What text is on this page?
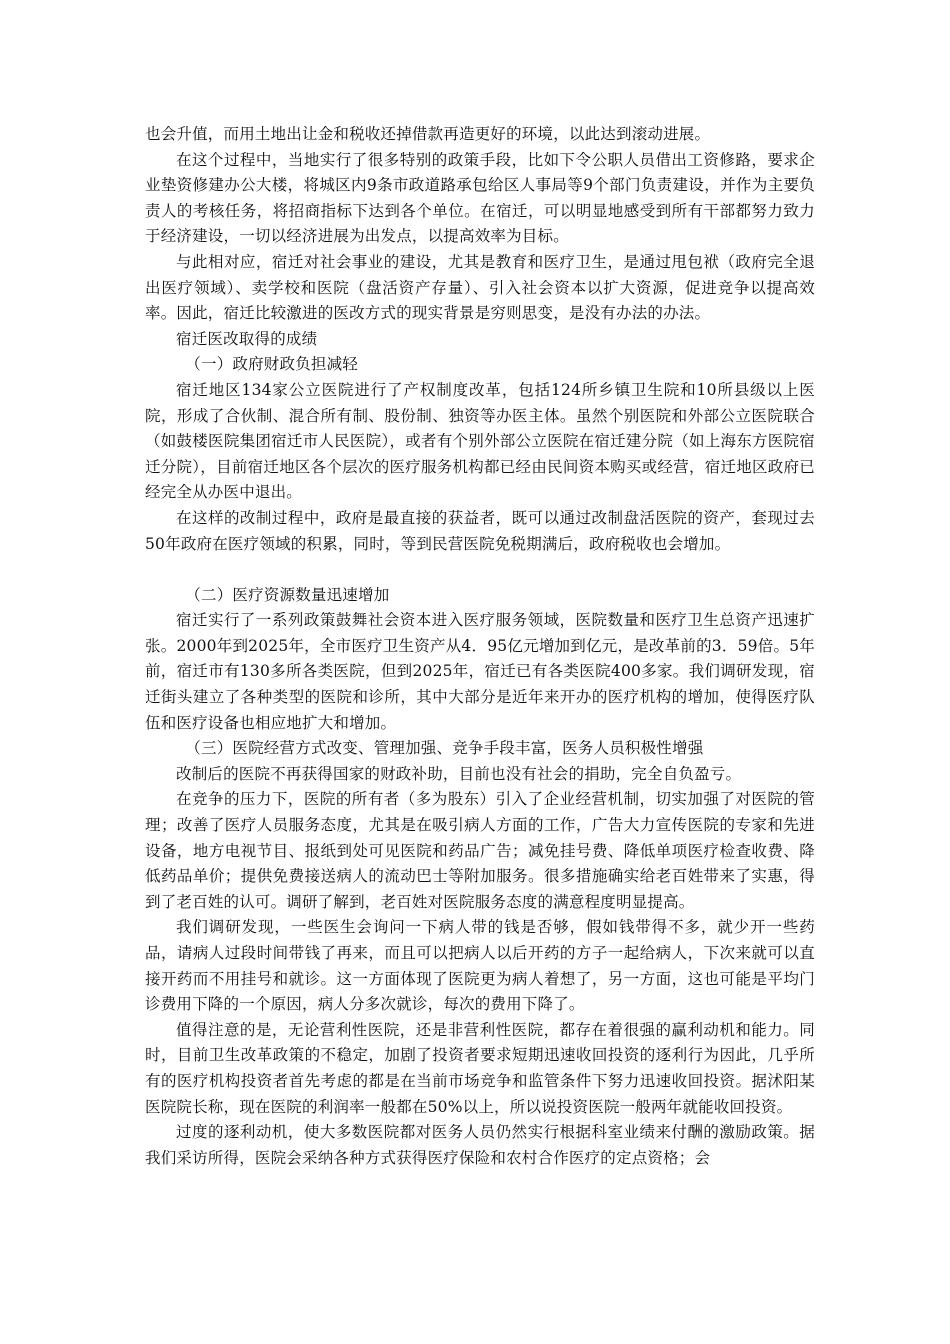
也会升值，而用土地出让金和税收还掉借款再造更好的环境，以此达到滚动进展。

在这个过程中，当地实行了很多特别的政策手段，比如下令公职人员借出工资修路，要求企业垫资修建办公大楼，将城区内9条市政道路承包给区人事局等9个部门负责建设，并作为主要负责人的考核任务，将招商指标下达到各个单位。在宿迁，可以明显地感受到所有干部都努力致力于经济建设，一切以经济进展为出发点，以提高效率为目标。

与此相对应，宿迁对社会事业的建设，尤其是教育和医疗卫生，是通过甩包袱（政府完全退出医疗领域）、卖学校和医院（盘活资产存量）、引入社会资本以扩大资源，促进竞争以提高效率。因此，宿迁比较激进的医改方式的现实背景是穷则思变，是没有办法的办法。

宿迁医改取得的成绩

（一）政府财政负担减轻

宿迁地区134家公立医院进行了产权制度改革，包括124所乡镇卫生院和10所县级以上医院，形成了合伙制、混合所有制、股份制、独资等办医主体。虽然个别医院和外部公立医院联合（如鼓楼医院集团宿迁市人民医院），或者有个别外部公立医院在宿迁建分院（如上海东方医院宿迁分院），目前宿迁地区各个层次的医疗服务机构都已经由民间资本购买或经营，宿迁地区政府已经完全从办医中退出。

在这样的改制过程中，政府是最直接的获益者，既可以通过改制盘活医院的资产，套现过去50年政府在医疗领域的积累，同时，等到民营医院免税期满后，政府税收也会增加。

（二）医疗资源数量迅速增加

宿迁实行了一系列政策鼓舞社会资本进入医疗服务领域，医院数量和医疗卫生总资产迅速扩张。2000年到2025年，全市医疗卫生资产从4．95亿元增加到亿元，是改革前的3．59倍。5年前，宿迁市有130多所各类医院，但到2025年，宿迁已有各类医院400多家。我们调研发现，宿迁街头建立了各种类型的医院和诊所，其中大部分是近年来开办的医疗机构的增加，使得医疗队伍和医疗设备也相应地扩大和增加。

（三）医院经营方式改变、管理加强、竞争手段丰富，医务人员积极性增强

改制后的医院不再获得国家的财政补助，目前也没有社会的捐助，完全自负盈亏。

在竞争的压力下，医院的所有者（多为股东）引入了企业经营机制，切实加强了对医院的管理；改善了医疗人员服务态度，尤其是在吸引病人方面的工作，广告大力宣传医院的专家和先进设备，地方电视节目、报纸到处可见医院和药品广告；减免挂号费、降低单项医疗检查收费、降低药品单价；提供免费接送病人的流动巴士等附加服务。很多措施确实给老百姓带来了实惠，得到了老百姓的认可。调研了解到，老百姓对医院服务态度的满意程度明显提高。

我们调研发现，一些医生会询问一下病人带的钱是否够，假如钱带得不多，就少开一些药品，请病人过段时间带钱了再来，而且可以把病人以后开药的方子一起给病人，下次来就可以直接开药而不用挂号和就诊。这一方面体现了医院更为病人着想了，另一方面，这也可能是平均门诊费用下降的一个原因，病人分多次就诊，每次的费用下降了。

值得注意的是，无论营利性医院，还是非营利性医院，都存在着很强的赢利动机和能力。同时，目前卫生改革政策的不稳定，加剧了投资者要求短期迅速收回投资的逐利行为因此，几乎所有的医疗机构投资者首先考虑的都是在当前市场竞争和监管条件下努力迅速收回投资。据沭阳某医院院长称，现在医院的利润率一般都在50%以上，所以说投资医院一般两年就能收回投资。

过度的逐利动机，使大多数医院都对医务人员仍然实行根据科室业绩来付酬的激励政策。据我们采访所得，医院会采纳各种方式获得医疗保险和农村合作医疗的定点资格；会
